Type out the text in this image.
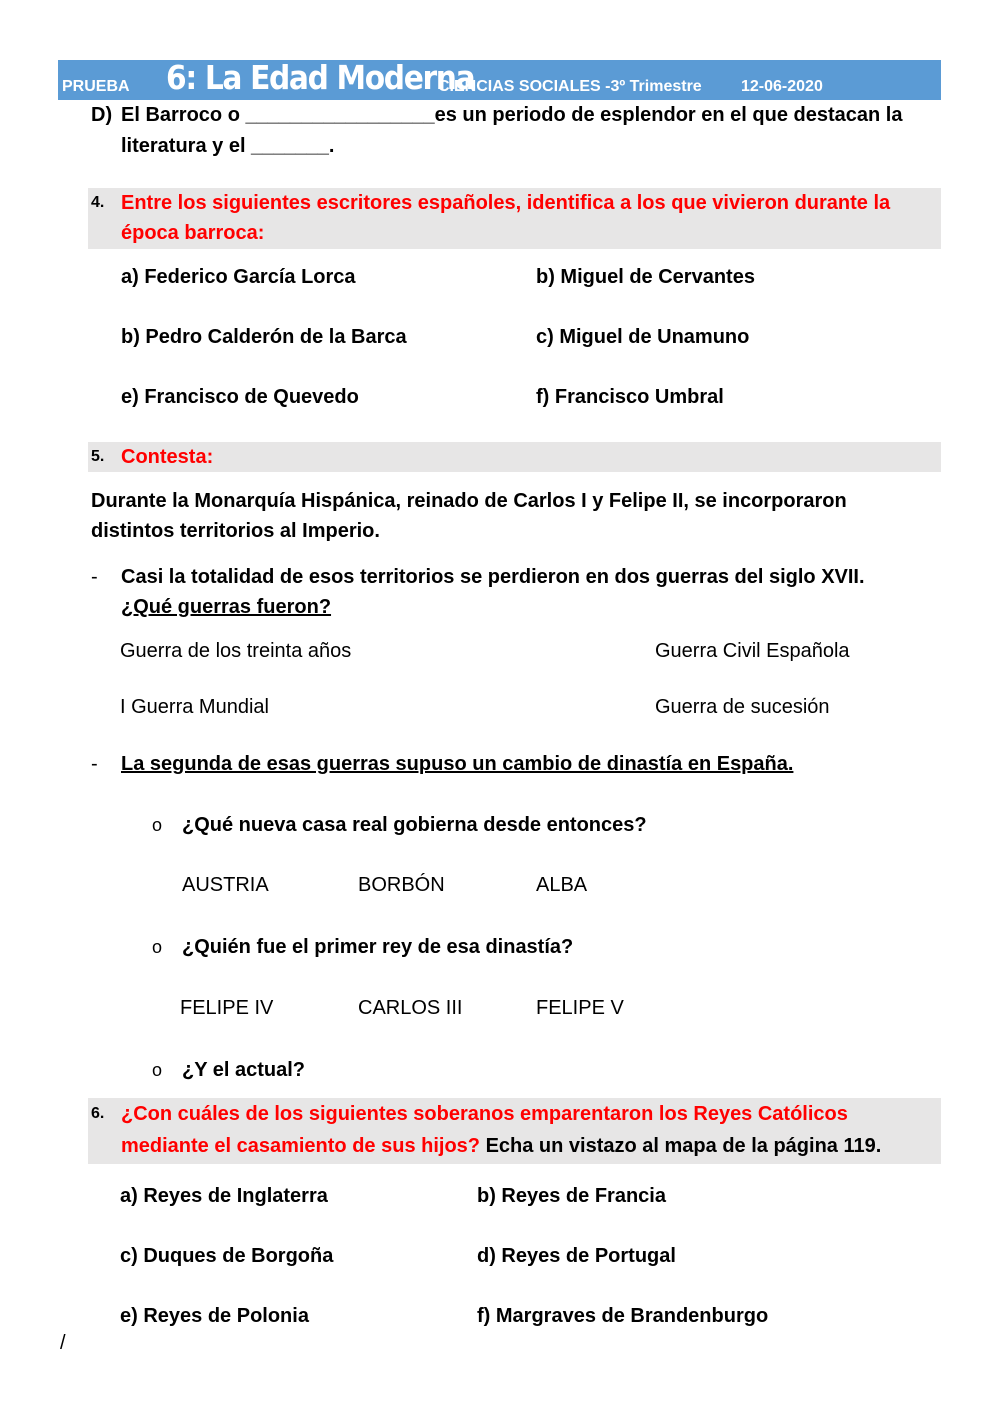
PRUEBA 6: La Edad Moderna
CIENCIAS SOCIALES -3º Trimestre 12-06-2020
D) El Barroco o _________________es un periodo de esplendor en el que destacan la
literatura y el _______.
4. Entre los siguientes escritores españoles, identifica a los que vivieron durante la
época barroca:
a) Federico García Lorca	b) Miguel de Cervantes
b) Pedro Calderón de la Barca	c) Miguel de Unamuno
e) Francisco de Quevedo	f) Francisco Umbral
5. Contesta:
Durante la Monarquía Hispánica, reinado de Carlos I y Felipe II, se incorporaron
distintos territorios al Imperio.
- Casi la totalidad de esos territorios se perdieron en dos guerras del siglo XVII.
¿Qué guerras fueron?
Guerra de los treinta años	Guerra Civil Española
I Guerra Mundial	Guerra de sucesión
- La segunda de esas guerras supuso un cambio de dinastía en España.
o ¿Qué nueva casa real gobierna desde entonces?
AUSTRIA	BORBÓN	ALBA
o ¿Quién fue el primer rey de esa dinastía?
FELIPE IV	CARLOS III	FELIPE V
o ¿Y el actual?
6. ¿Con cuáles de los siguientes soberanos emparentaron los Reyes Católicos
mediante el casamiento de sus hijos? Echa un vistazo al mapa de la página 119.
a) Reyes de Inglaterra	b) Reyes de Francia
c) Duques de Borgoña	d) Reyes de Portugal
e) Reyes de Polonia	f) Margraves de Brandenburgo
/
